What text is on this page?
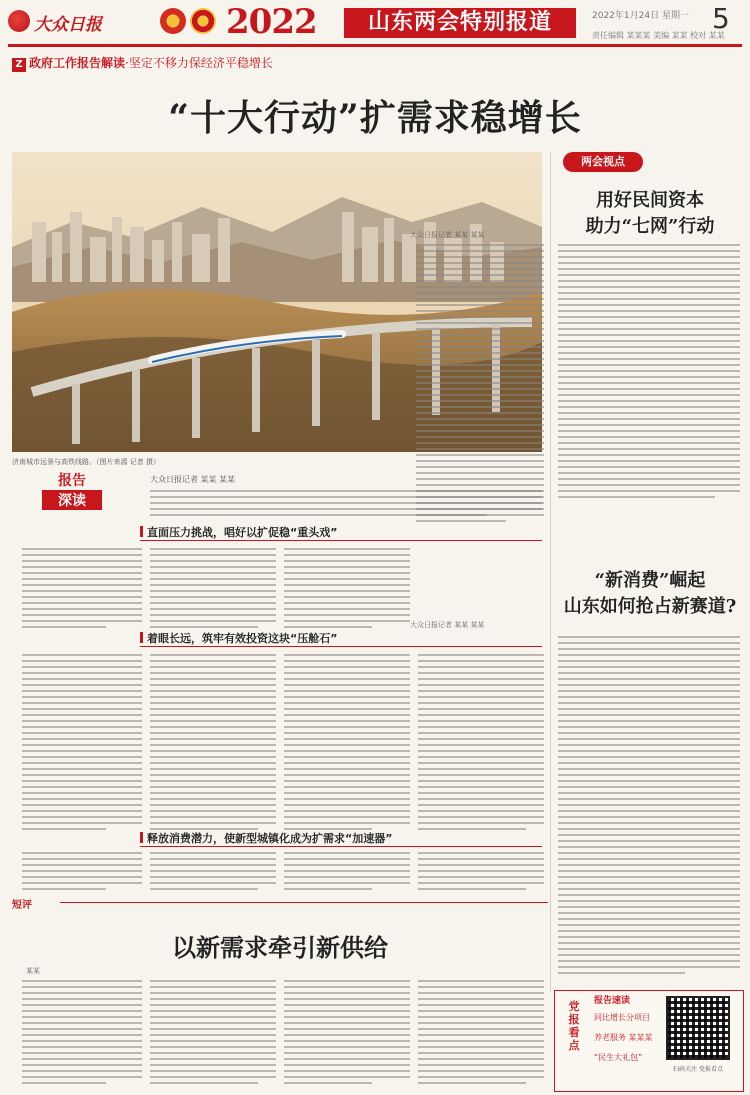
大众日报	2022	山东两会特别报道	2022年1月24日 星期一
责任编辑 某某某 美编 某某 校对 某某
5
Z 政府工作报告解读·坚定不移力保经济平稳增长
“十大行动”扩需求稳增长
济南城市远景与高铁线路。（图片来源 记者 摄）
报告
深读
大众日报记者 某某 某某
直面压力挑战，唱好以扩促稳“重头戏”
着眼长远，筑牢有效投资这块“压舱石”
释放消费潜力，使新型城镇化成为扩需求“加速器”
短评
以新需求牵引新供给
某某
两会视点
用好民间资本
助力“七网”行动
大众日报记者 某某 某某
“新消费”崛起
山东如何抢占新赛道?
大众日报记者 某某 某某
党报看点
报告速读
同比增长分项目
养老服务 某某某
“民生大礼包”
扫码关注 党报看点
